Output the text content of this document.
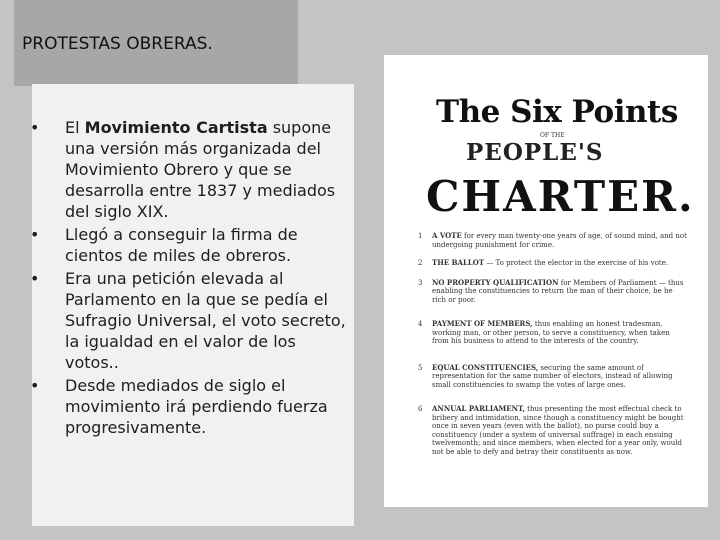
PROTESTAS OBRERAS.
• El Movimiento Cartista supone una versión más organizada del Movimiento Obrero y que se desarrolla entre 1837 y mediados del siglo XIX.
• Llegó a conseguir la firma de cientos de miles de obreros.
• Era una petición elevada al Parlamento en la que se pedía el Sufragio Universal, el voto secreto, la igualdad en el valor de los votos..
• Desde mediados de siglo el movimiento irá perdiendo fuerza progresivamente.
The Six Points
OF THE
PEOPLE'S
CHARTER.
1 A VOTE for every man twenty-one years of age, of sound mind, and not undergoing punishment for crime.
2 THE BALLOT — To protect the elector in the exercise of his vote.
3 NO PROPERTY QUALIFICATION for Members of Parliament — thus enabling the constituencies to return the man of their choice, be he rich or poor.
4 PAYMENT OF MEMBERS, thus enabling an honest tradesman, working man, or other person, to serve a constituency, when taken from his business to attend to the interests of the country.
5 EQUAL CONSTITUENCIES, securing the same amount of representation for the same number of electors, instead of allowing small constituencies to swamp the votes of large ones.
6 ANNUAL PARLIAMENT, thus presenting the most effectual check to bribery and intimidation, since though a constituency might be bought once in seven years (even with the ballot), no purse could buy a constituency (under a system of universal suffrage) in each ensuing twelvemonth; and since members, when elected for a year only, would not be able to defy and betray their constituents as now.
